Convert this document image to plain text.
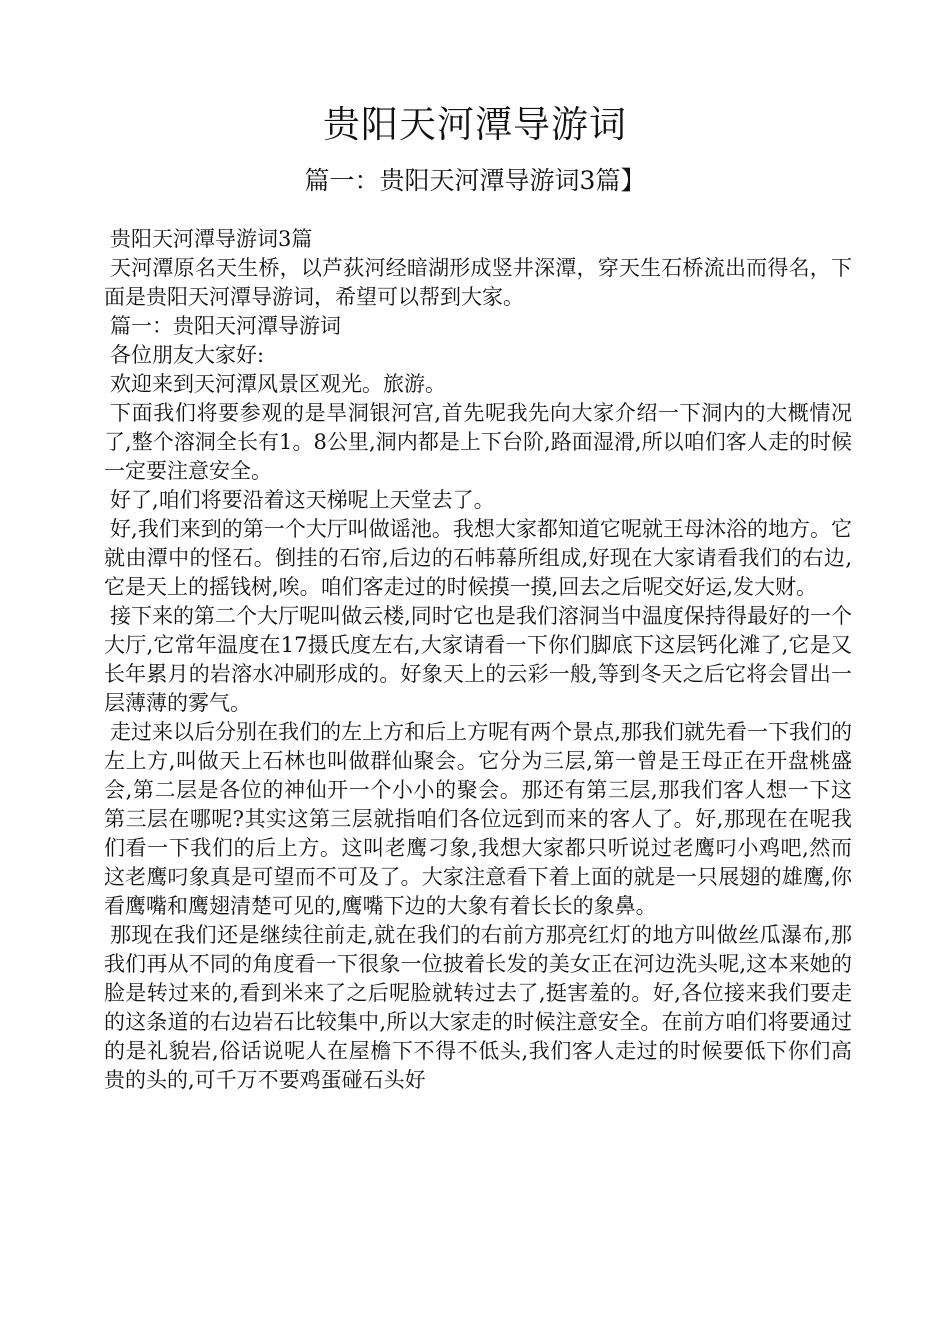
贵阳天河潭导游词
篇一：贵阳天河潭导游词3篇】

贵阳天河潭导游词3篇

天河潭原名天生桥，以芦荻河经暗湖形成竖井深潭，穿天生石桥流出而得名，下面是贵阳天河潭导游词，希望可以帮到大家。

篇一：贵阳天河潭导游词

各位朋友大家好:

欢迎来到天河潭风景区观光。旅游。

下面我们将要参观的是旱洞银河宫,首先呢我先向大家介绍一下洞内的大概情况了,整个溶洞全长有1。8公里,洞内都是上下台阶,路面湿滑,所以咱们客人走的时候一定要注意安全。

好了,咱们将要沿着这天梯呢上天堂去了。

好,我们来到的第一个大厅叫做谣池。我想大家都知道它呢就王母沐浴的地方。它就由潭中的怪石。倒挂的石帘,后边的石帏幕所组成,好现在大家请看我们的右边,它是天上的摇钱树,唉。咱们客走过的时候摸一摸,回去之后呢交好运,发大财。

接下来的第二个大厅呢叫做云楼,同时它也是我们溶洞当中温度保持得最好的一个大厅,它常年温度在17摄氏度左右,大家请看一下你们脚底下这层钙化滩了,它是又长年累月的岩溶水冲刷形成的。好象天上的云彩一般,等到冬天之后它将会冒出一层薄薄的雾气。

走过来以后分别在我们的左上方和后上方呢有两个景点,那我们就先看一下我们的左上方,叫做天上石林也叫做群仙聚会。它分为三层,第一曾是王母正在开盘桃盛会,第二层是各位的神仙开一个小小的聚会。那还有第三层,那我们客人想一下这第三层在哪呢?其实这第三层就指咱们各位远到而来的客人了。好,那现在在呢我们看一下我们的后上方。这叫老鹰刁象,我想大家都只听说过老鹰叼小鸡吧,然而这老鹰叼象真是可望而不可及了。大家注意看下着上面的就是一只展翅的雄鹰,你看鹰嘴和鹰翅清楚可见的,鹰嘴下边的大象有着长长的象鼻。

那现在我们还是继续往前走,就在我们的右前方那亮红灯的地方叫做丝瓜瀑布,那我们再从不同的角度看一下很象一位披着长发的美女正在河边洗头呢,这本来她的脸是转过来的,看到米来了之后呢脸就转过去了,挺害羞的。好,各位接来我们要走的这条道的右边岩石比较集中,所以大家走的时候注意安全。在前方咱们将要通过的是礼貌岩,俗话说呢人在屋檐下不得不低头,我们客人走过的时候要低下你们高贵的头的,可千万不要鸡蛋碰石头好
